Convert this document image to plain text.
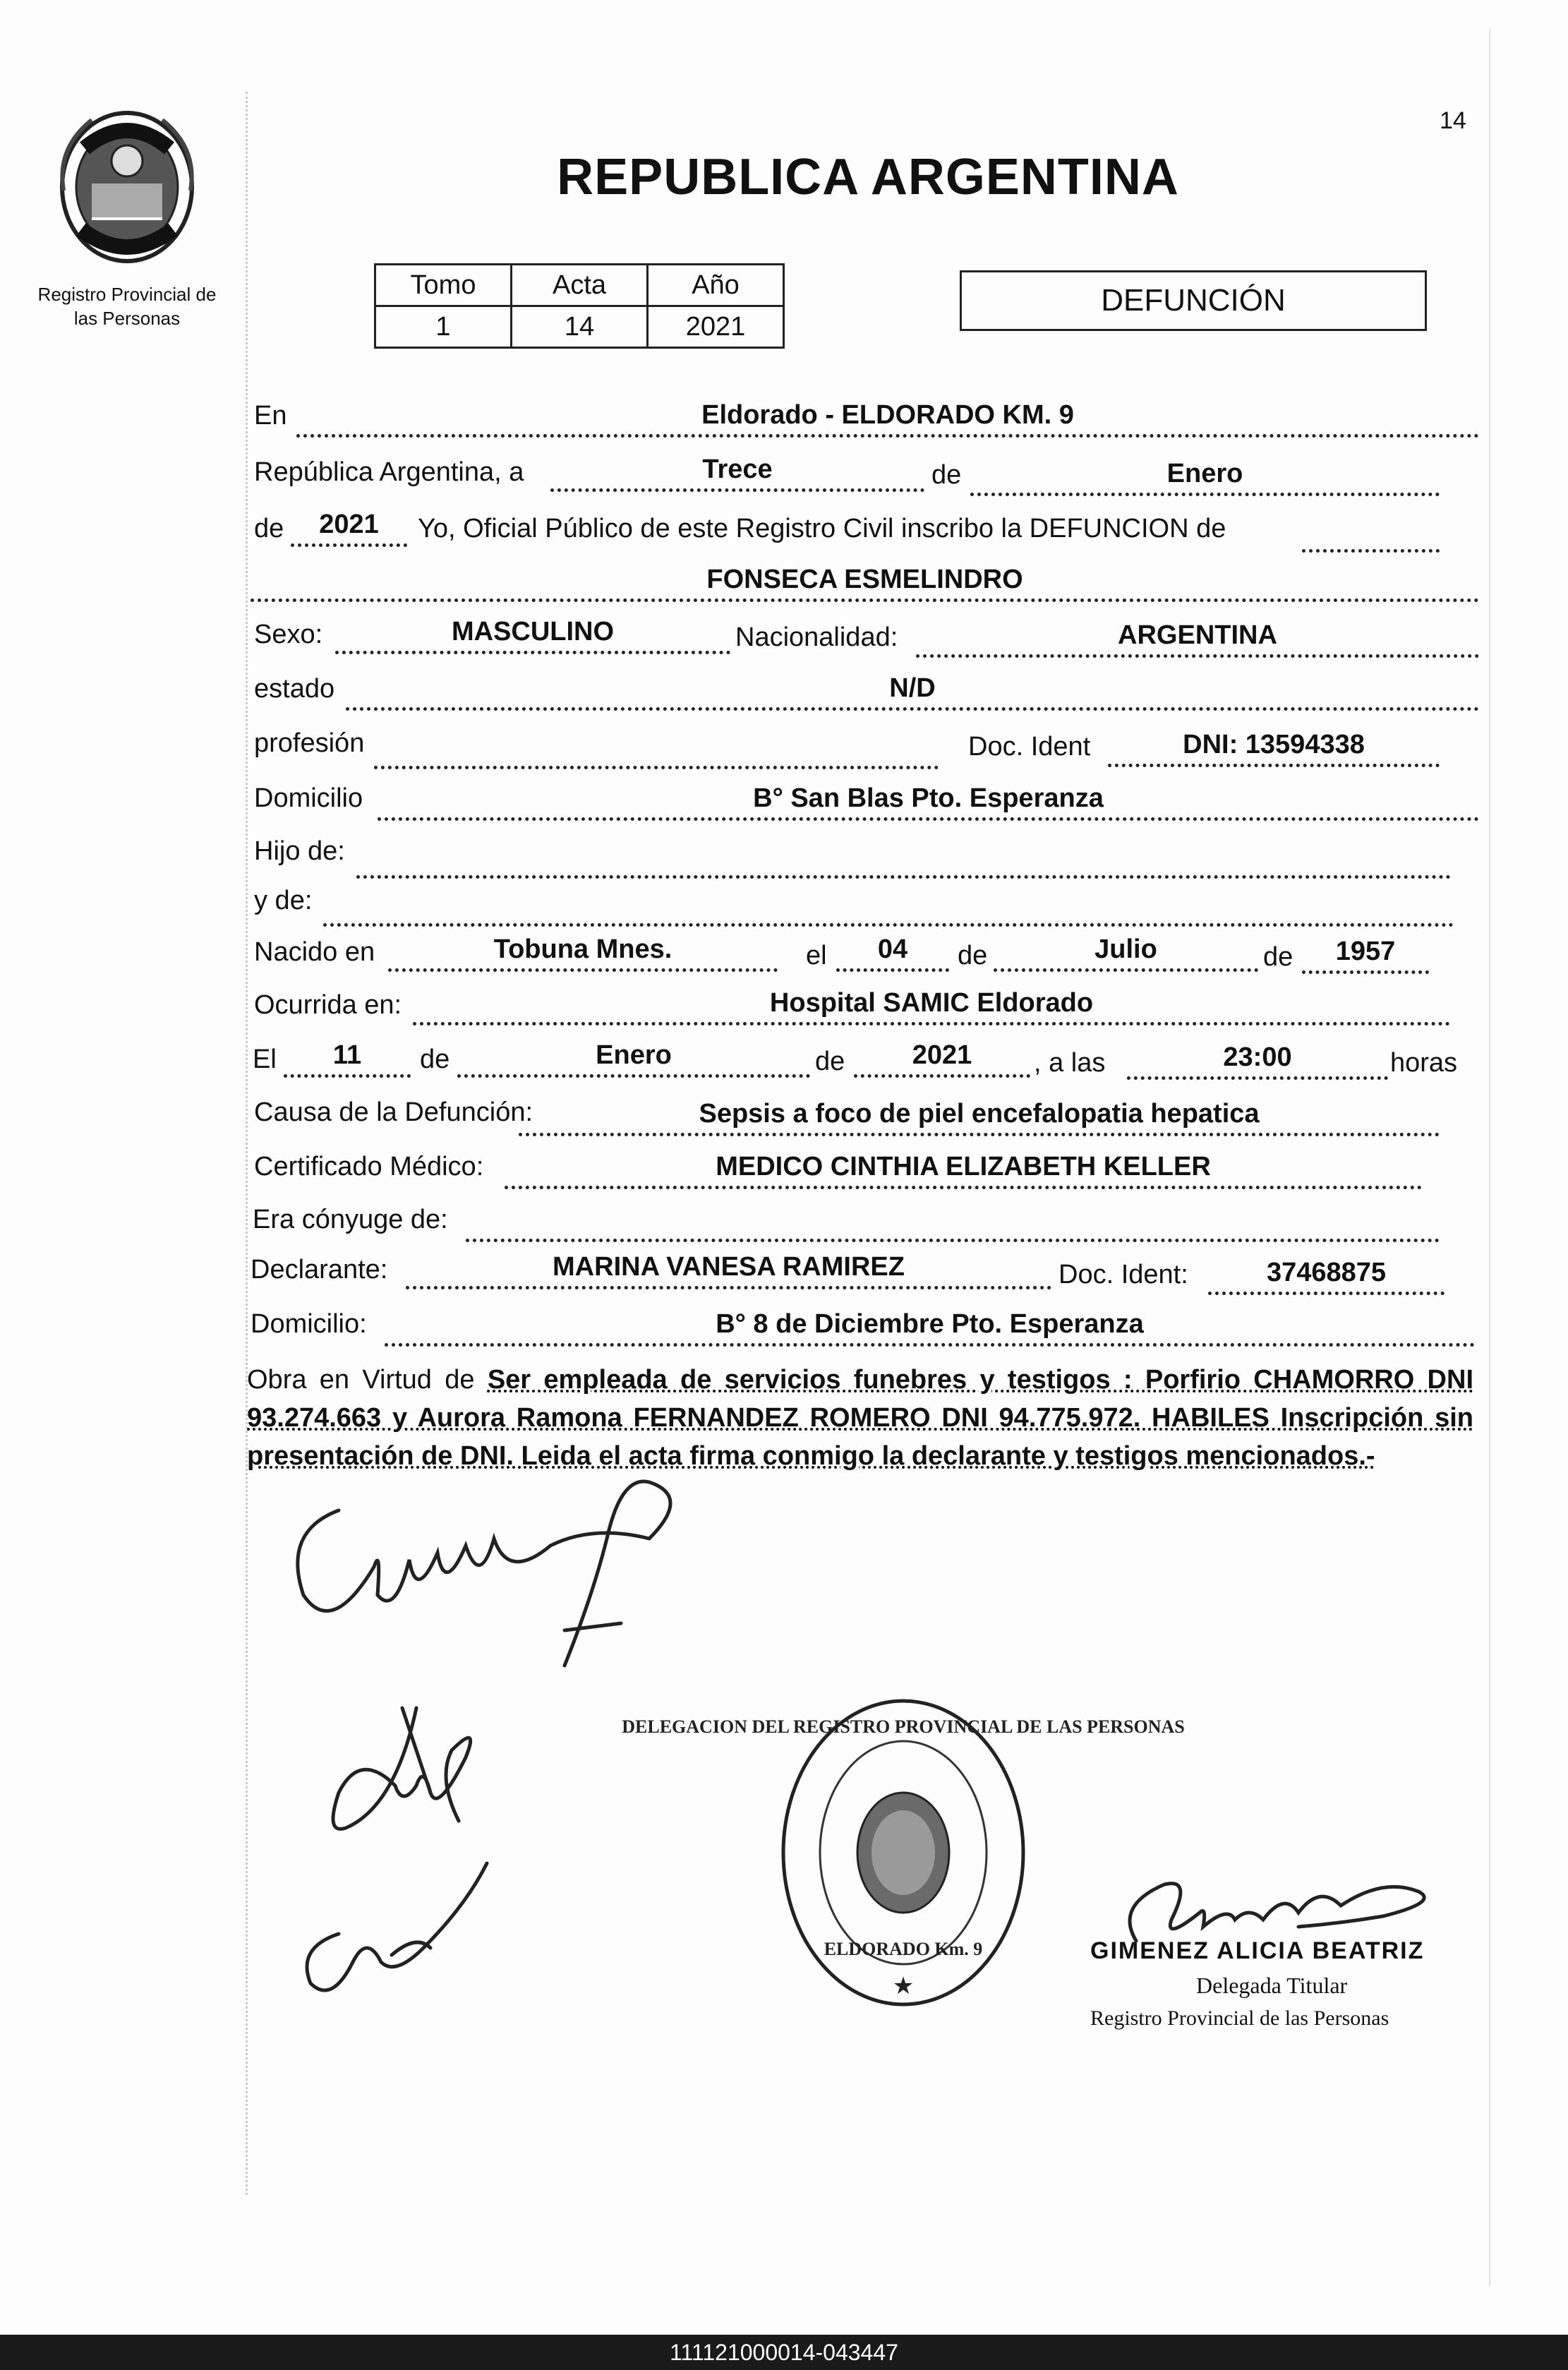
Registro Provincial de
las Personas
14
REPUBLICA ARGENTINA
Tomo	Acta	Año
1	14	2021
DEFUNCIÓN
En	Eldorado - ELDORADO KM. 9
República Argentina, a	Trece	de	Enero
de	2021	Yo, Oficial Público de este Registro Civil inscribo la DEFUNCION de
FONSECA ESMELINDRO
Sexo:	MASCULINO	Nacionalidad:	ARGENTINA
estado	N/D
profesión	Doc. Ident	DNI: 13594338
Domicilio	B° San Blas Pto. Esperanza
Hijo de:
y de:
Nacido en	Tobuna Mnes.	el	04	de	Julio	de	1957
Ocurrida en:	Hospital SAMIC Eldorado
El	11	de	Enero	de	2021	, a las	23:00	horas
Causa de la Defunción:	Sepsis a foco de piel encefalopatia hepatica
Certificado Médico:	MEDICO CINTHIA ELIZABETH KELLER
Era cónyuge de:
Declarante:	MARINA VANESA RAMIREZ	Doc. Ident:	37468875
Domicilio:	B° 8 de Diciembre Pto. Esperanza
Obra en Virtud de Ser empleada de servicios funebres y testigos : Porfirio CHAMORRO DNI 93.274.663 y Aurora Ramona FERNANDEZ ROMERO DNI 94.775.972. HABILES Inscripción sin presentación de DNI. Leida el acta firma conmigo la declarante y testigos mencionados.-
DELEGACION DEL REGISTRO PROVINCIAL DE LAS PERSONAS
ELDORADO Km. 9
★
GIMENEZ ALICIA BEATRIZ
Delegada Titular
Registro Provincial de las Personas
111121000014-043447
